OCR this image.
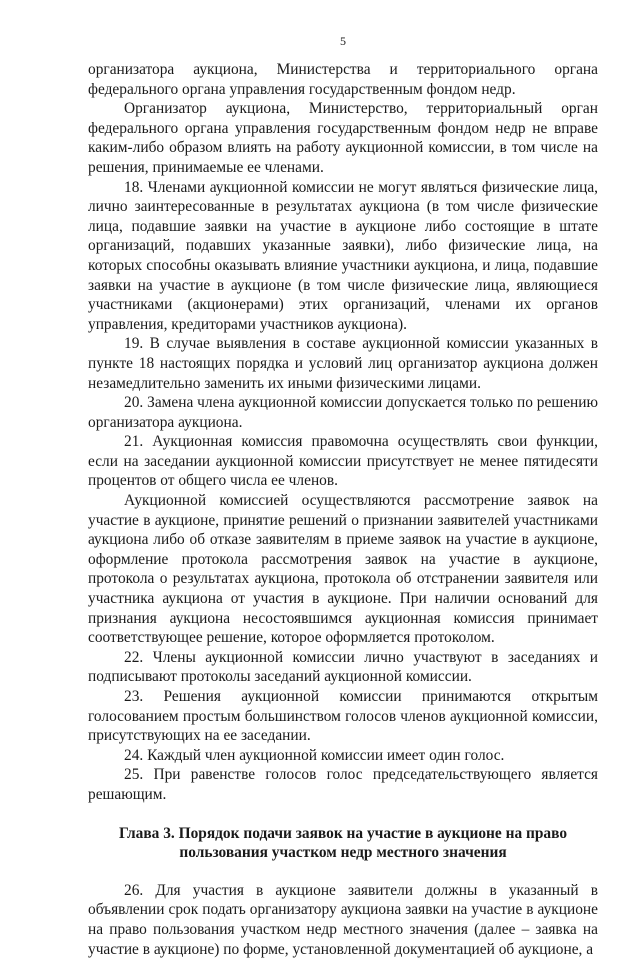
5

организатора аукциона, Министерства и территориального органа федерального органа управления государственным фондом недр.

Организатор аукциона, Министерство, территориальный орган федерального органа управления государственным фондом недр не вправе каким-либо образом влиять на работу аукционной комиссии, в том числе на решения, принимаемые ее членами.

18. Членами аукционной комиссии не могут являться физические лица, лично заинтересованные в результатах аукциона (в том числе физические лица, подавшие заявки на участие в аукционе либо состоящие в штате организаций, подавших указанные заявки), либо физические лица, на которых способны оказывать влияние участники аукциона, и лица, подавшие заявки на участие в аукционе (в том числе физические лица, являющиеся участниками (акционерами) этих организаций, членами их органов управления, кредиторами участников аукциона).

19. В случае выявления в составе аукционной комиссии указанных в пункте 18 настоящих порядка и условий лиц организатор аукциона должен незамедлительно заменить их иными физическими лицами.

20. Замена члена аукционной комиссии допускается только по решению организатора аукциона.

21. Аукционная комиссия правомочна осуществлять свои функции, если на заседании аукционной комиссии присутствует не менее пятидесяти процентов от общего числа ее членов.

Аукционной комиссией осуществляются рассмотрение заявок на участие в аукционе, принятие решений о признании заявителей участниками аукциона либо об отказе заявителям в приеме заявок на участие в аукционе, оформление протокола рассмотрения заявок на участие в аукционе, протокола о результатах аукциона, протокола об отстранении заявителя или участника аукциона от участия в аукционе. При наличии оснований для признания аукциона несостоявшимся аукционная комиссия принимает соответствующее решение, которое оформляется протоколом.

22. Члены аукционной комиссии лично участвуют в заседаниях и подписывают протоколы заседаний аукционной комиссии.

23. Решения аукционной комиссии принимаются открытым голосованием простым большинством голосов членов аукционной комиссии, присутствующих на ее заседании.

24. Каждый член аукционной комиссии имеет один голос.

25. При равенстве голосов голос председательствующего является решающим.

Глава 3. Порядок подачи заявок на участие в аукционе на право пользования участком недр местного значения

26. Для участия в аукционе заявители должны в указанный в объявлении срок подать организатору аукциона заявки на участие в аукционе на право пользования участком недр местного значения (далее – заявка на участие в аукционе) по форме, установленной документацией об аукционе, а
